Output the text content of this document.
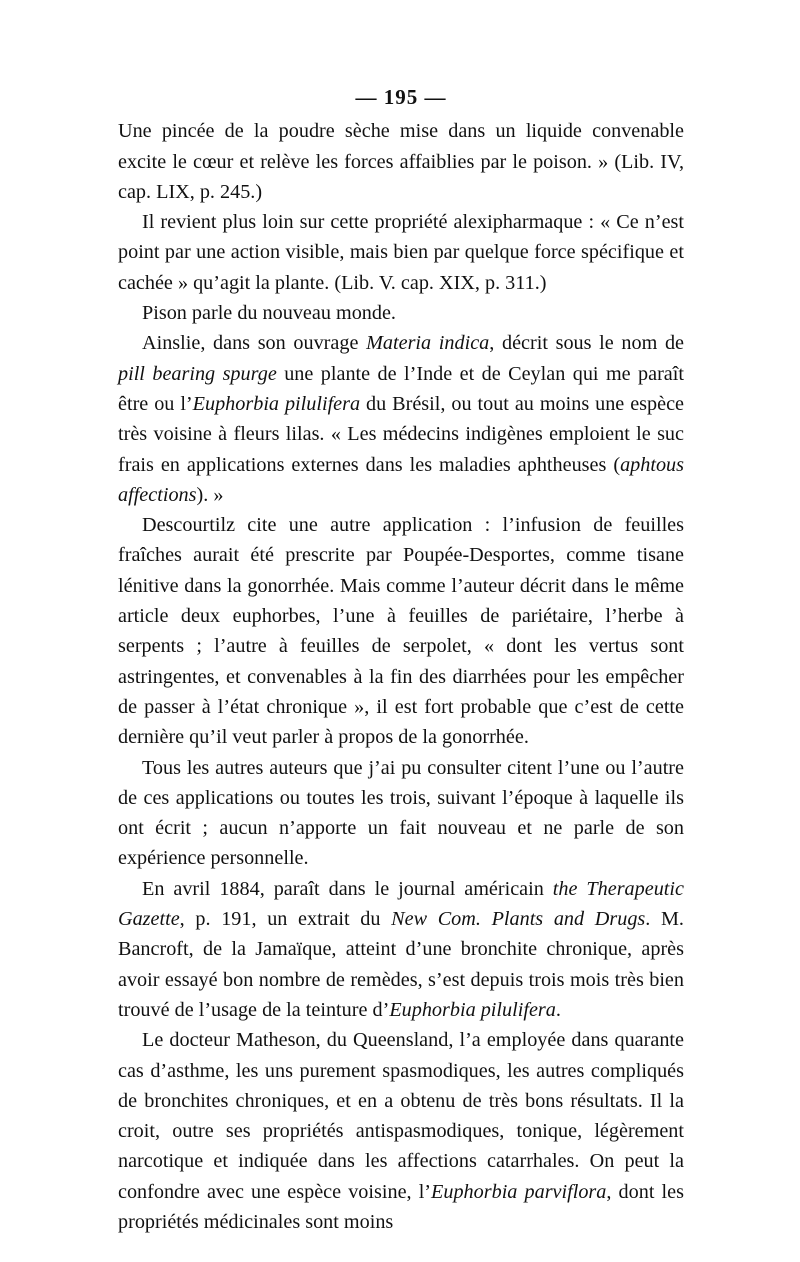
— 195 —

Une pincée de la poudre sèche mise dans un liquide convenable excite le cœur et relève les forces affaiblies par le poison. » (Lib. IV, cap. LIX, p. 245.)

Il revient plus loin sur cette propriété alexipharmaque : « Ce n’est point par une action visible, mais bien par quelque force spécifique et cachée » qu’agit la plante. (Lib. V. cap. XIX, p. 311.)

Pison parle du nouveau monde.

Ainslie, dans son ouvrage Materia indica, décrit sous le nom de pill bearing spurge une plante de l’Inde et de Ceylan qui me paraît être ou l’Euphorbia pilulifera du Brésil, ou tout au moins une espèce très voisine à fleurs lilas. « Les médecins indigènes emploient le suc frais en applications externes dans les maladies aphtheuses (aphtous affections). »

Descourtilz cite une autre application : l’infusion de feuilles fraîches aurait été prescrite par Poupée-Desportes, comme tisane lénitive dans la gonorrhée. Mais comme l’auteur décrit dans le même article deux euphorbes, l’une à feuilles de pariétaire, l’herbe à serpents ; l’autre à feuilles de serpolet, « dont les vertus sont astringentes, et convenables à la fin des diarrhées pour les empêcher de passer à l’état chronique », il est fort probable que c’est de cette dernière qu’il veut parler à propos de la gonorrhée.

Tous les autres auteurs que j’ai pu consulter citent l’une ou l’autre de ces applications ou toutes les trois, suivant l’époque à laquelle ils ont écrit ; aucun n’apporte un fait nouveau et ne parle de son expérience personnelle.

En avril 1884, paraît dans le journal américain the Therapeutic Gazette, p. 191, un extrait du New Com. Plants and Drugs. M. Bancroft, de la Jamaïque, atteint d’une bronchite chronique, après avoir essayé bon nombre de remèdes, s’est depuis trois mois très bien trouvé de l’usage de la teinture d’Euphorbia pilulifera.

Le docteur Matheson, du Queensland, l’a employée dans quarante cas d’asthme, les uns purement spasmodiques, les autres compliqués de bronchites chroniques, et en a obtenu de très bons résultats. Il la croit, outre ses propriétés antispasmodiques, tonique, légèrement narcotique et indiquée dans les affections catarrhales. On peut la confondre avec une espèce voisine, l’Euphorbia parviflora, dont les propriétés médicinales sont moins
